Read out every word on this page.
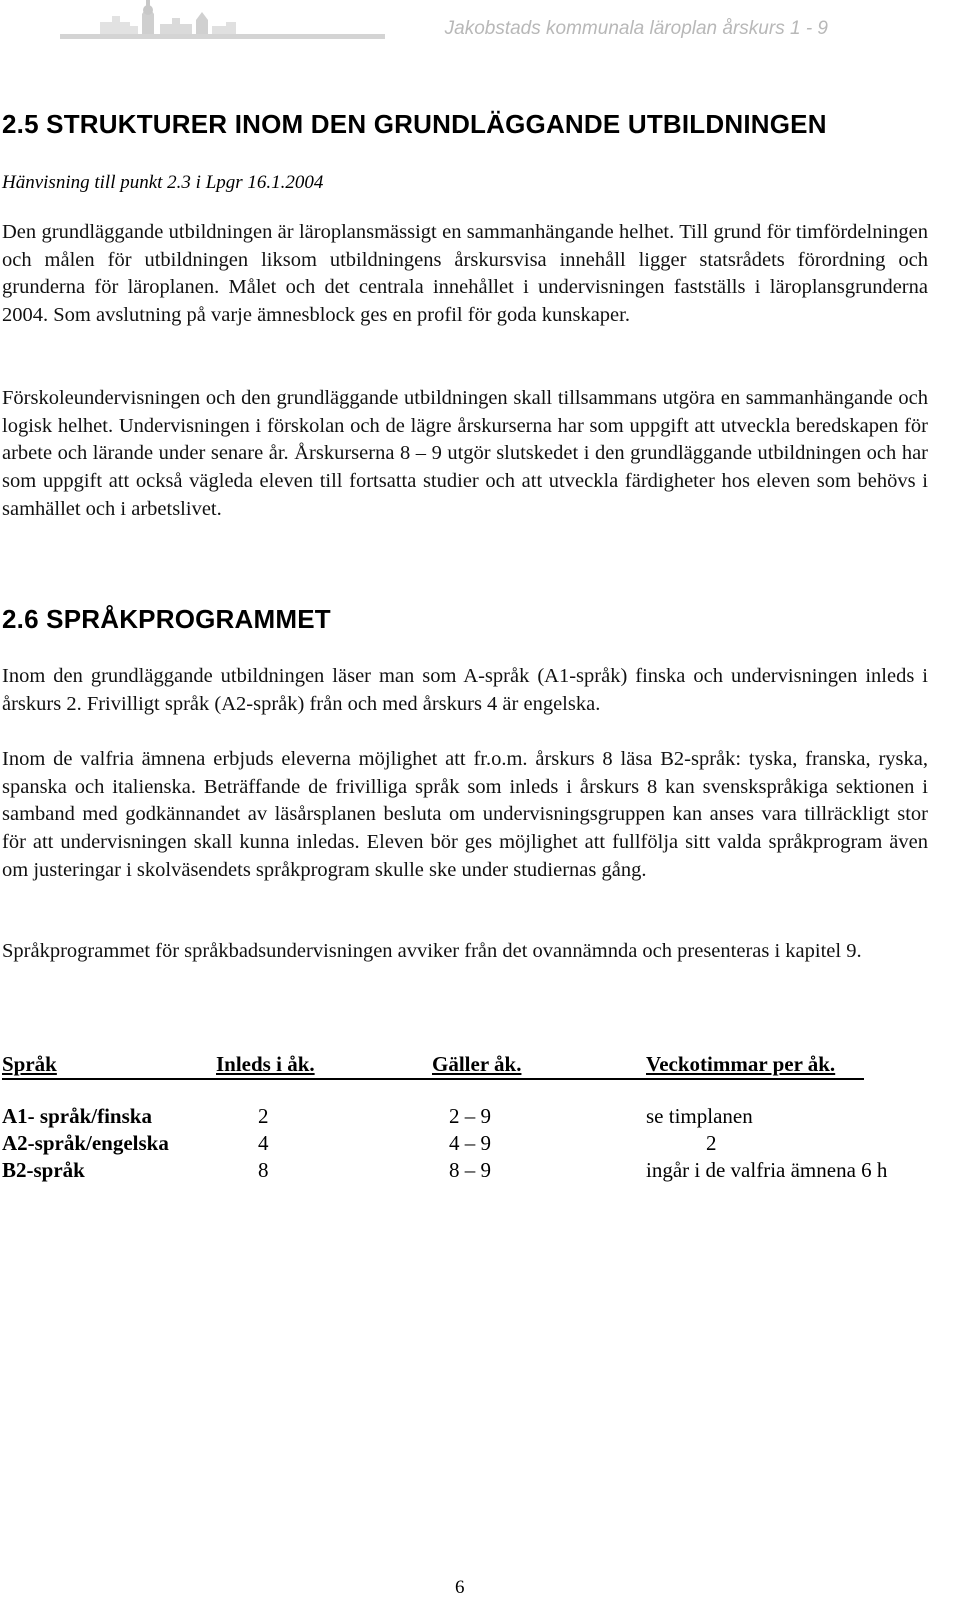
Jakobstads kommunala läroplan årskurs 1 - 9
2.5 STRUKTURER INOM DEN GRUNDLÄGGANDE UTBILDNINGEN
Hänvisning till punkt 2.3 i Lpgr 16.1.2004

Den grundläggande utbildningen är läroplansmässigt en sammanhängande helhet. Till grund för timfördelningen och målen för utbildningen liksom utbildningens årskursvisa innehåll ligger statsrådets förordning och grunderna för läroplanen. Målet och det centrala innehållet i undervisningen fastställs i läroplansgrunderna 2004. Som avslutning på varje ämnesblock ges en profil för goda kunskaper.

Förskoleundervisningen och den grundläggande utbildningen skall tillsammans utgöra en sammanhängande och logisk helhet. Undervisningen i förskolan och de lägre årskurserna har som uppgift att utveckla beredskapen för arbete och lärande under senare år. Årskurserna 8 – 9 utgör slutskedet i den grundläggande utbildningen och har som uppgift att också vägleda eleven till fortsatta studier och att utveckla färdigheter hos eleven som behövs i samhället och i arbetslivet.

2.6 SPRÅKPROGRAMMET

Inom den grundläggande utbildningen läser man som A-språk (A1-språk) finska och undervisningen inleds i årskurs 2. Frivilligt språk (A2-språk) från och med årskurs 4 är engelska.

Inom de valfria ämnena erbjuds eleverna möjlighet att fr.o.m. årskurs 8 läsa B2-språk: tyska, franska, ryska, spanska och italienska. Beträffande de frivilliga språk som inleds i årskurs 8 kan svenskspråkiga sektionen i samband med godkännandet av läsårsplanen besluta om undervisningsgruppen kan anses vara tillräckligt stor för att undervisningen skall kunna inledas. Eleven bör ges möjlighet att fullfölja sitt valda språkprogram även om justeringar i skolväsendets språkprogram skulle ske under studiernas gång.

Språkprogrammet för språkbadsundervisningen avviker från det ovannämnda och presenteras i kapitel 9.

Språk	Inleds i åk.	Gäller åk.	Veckotimmar per åk.
A1- språk/finska	2	2 – 9	se timplanen
A2-språk/engelska	4	4 – 9	2
B2-språk	8	8 – 9	ingår i de valfria ämnena 6 h
6
